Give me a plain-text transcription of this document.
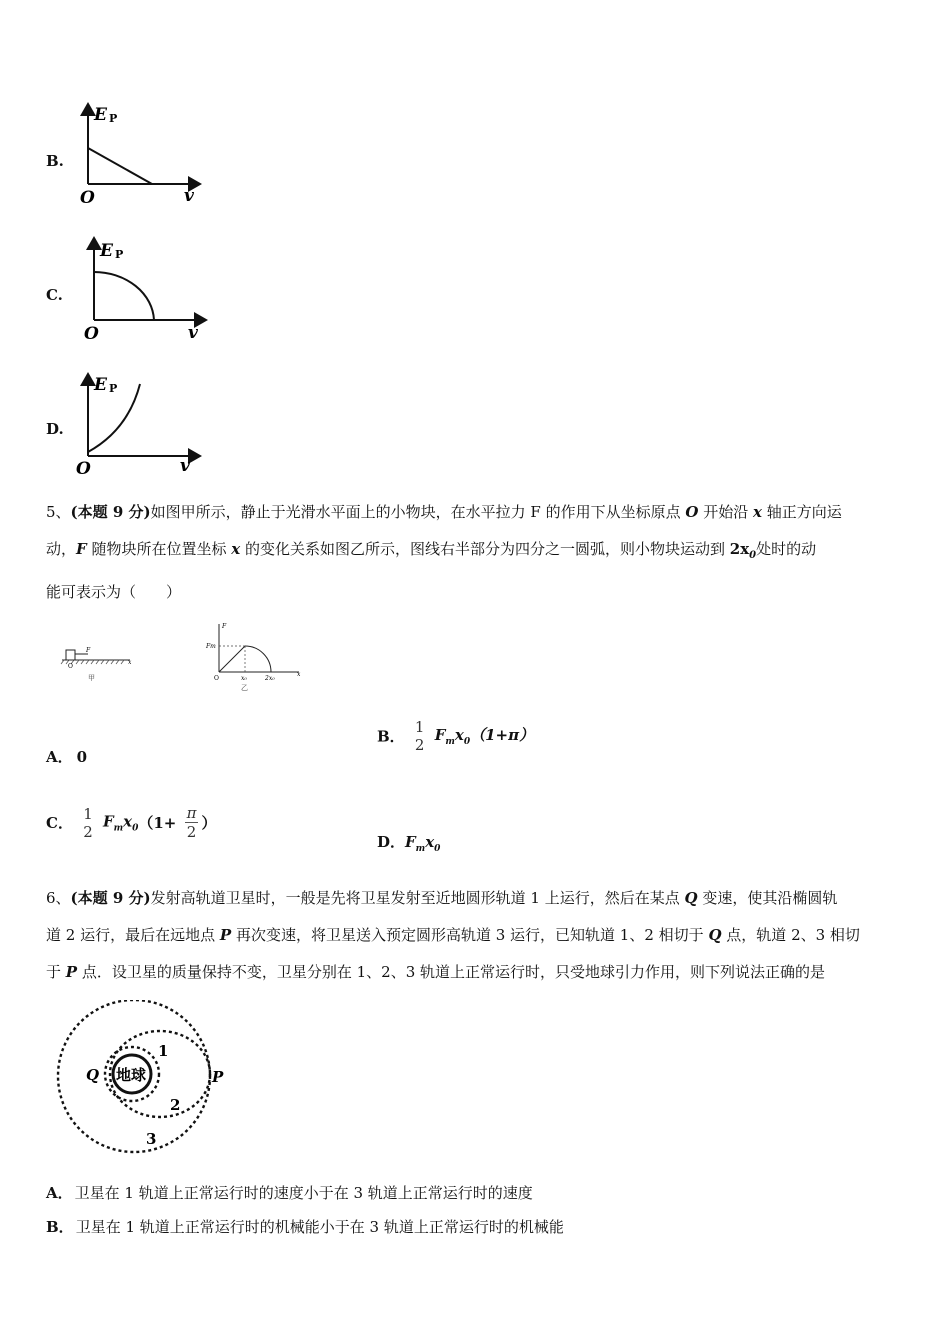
B.
E P
O	v
C.
E P
O	v
D.
E P
O	v
5、(本题 9 分)如图甲所示，静止于光滑水平面上的小物块，在水平拉力 F 的作用下从坐标原点 O 开始沿 x 轴正方向运
动，F 随物块所在位置坐标 x 的变化关系如图乙所示，图线右半部分为四分之一圆弧，则小物块运动到 $2x_0$处时的动
能可表示为（　　）
F
x
O
甲
F
Fm
O	x₀	2x₀
x
乙
A． 0
B．
1
2
$F_mx_0(1+\pi)$
C．
1
2
$F_mx_0(1+ \frac{\pi}{2}$ ）
D．$F_mx_0$
6、(本题 9 分)发射高轨道卫星时，一般是先将卫星发射至近地圆形轨道 1 上运行，然后在某点 Q 变速，使其沿椭圆轨
道 2 运行，最后在远地点 P 再次变速，将卫星送入预定圆形高轨道 3 运行，已知轨道 1、2 相切于 Q 点，轨道 2、3 相切
于 P 点．设卫星的质量保持不变，卫星分别在 1、2、3 轨道上正常运行时，只受地球引力作用，则下列说法正确的是
地球
Q	P
1
2
3
A． 卫星在 1 轨道上正常运行时的速度小于在 3 轨道上正常运行时的速度
B． 卫星在 1 轨道上正常运行时的机械能小于在 3 轨道上正常运行时的机械能
